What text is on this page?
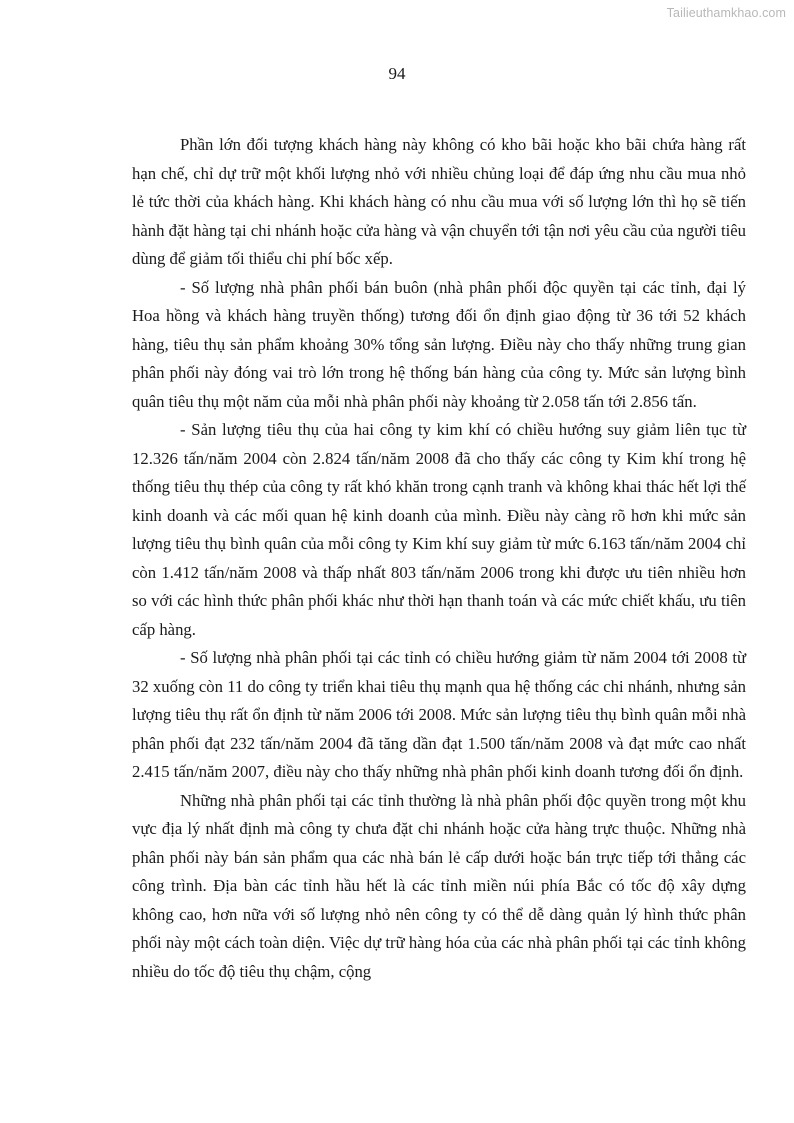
Tailieuthamkhao.com
94

Phần lớn đối tượng khách hàng này không có kho bãi hoặc kho bãi chứa hàng rất hạn chế, chỉ dự trữ một khối lượng nhỏ với nhiều chủng loại để đáp ứng nhu cầu mua nhỏ lẻ tức thời của khách hàng. Khi khách hàng có nhu cầu mua với số lượng lớn thì họ sẽ tiến hành đặt hàng tại chi nhánh hoặc cửa hàng và vận chuyển tới tận nơi yêu cầu của người tiêu dùng để giảm tối thiểu chi phí bốc xếp.

- Số lượng nhà phân phối bán buôn (nhà phân phối độc quyền tại các tỉnh, đại lý Hoa hồng và khách hàng truyền thống) tương đối ổn định giao động từ 36 tới 52 khách hàng, tiêu thụ sản phẩm khoảng 30% tổng sản lượng. Điều này cho thấy những trung gian phân phối này đóng vai trò lớn trong hệ thống bán hàng của công ty. Mức sản lượng bình quân tiêu thụ một năm của mỗi nhà phân phối này khoảng từ 2.058 tấn tới 2.856 tấn.

- Sản lượng tiêu thụ của hai công ty kim khí có chiều hướng suy giảm liên tục từ 12.326 tấn/năm 2004 còn 2.824 tấn/năm 2008 đã cho thấy các công ty Kim khí trong hệ thống tiêu thụ thép của công ty rất khó khăn trong cạnh tranh và không khai thác hết lợi thế kinh doanh và các mối quan hệ kinh doanh của mình. Điều này càng rõ hơn khi mức sản lượng tiêu thụ bình quân của mỗi công ty Kim khí suy giảm từ mức 6.163 tấn/năm 2004 chỉ còn 1.412 tấn/năm 2008 và thấp nhất 803 tấn/năm 2006 trong khi được ưu tiên nhiều hơn so với các hình thức phân phối khác như thời hạn thanh toán và các mức chiết khấu, ưu tiên cấp hàng.

- Số lượng nhà phân phối tại các tỉnh có chiều hướng giảm từ năm 2004 tới 2008 từ 32 xuống còn 11 do công ty triển khai tiêu thụ mạnh qua hệ thống các chi nhánh, nhưng sản lượng tiêu thụ rất ổn định từ năm 2006 tới 2008. Mức sản lượng tiêu thụ bình quân mỗi nhà phân phối đạt 232 tấn/năm 2004 đã tăng dần đạt 1.500 tấn/năm 2008 và đạt mức cao nhất 2.415 tấn/năm 2007, điều này cho thấy những nhà phân phối kinh doanh tương đối ổn định.

Những nhà phân phối tại các tỉnh thường là nhà phân phối độc quyền trong một khu vực địa lý nhất định mà công ty chưa đặt chi nhánh hoặc cửa hàng trực thuộc. Những nhà phân phối này bán sản phẩm qua các nhà bán lẻ cấp dưới hoặc bán trực tiếp tới thẳng các công trình. Địa bàn các tỉnh hầu hết là các tỉnh miền núi phía Bắc có tốc độ xây dựng không cao, hơn nữa với số lượng nhỏ nên công ty có thể dễ dàng quản lý hình thức phân phối này một cách toàn diện. Việc dự trữ hàng hóa của các nhà phân phối tại các tỉnh không nhiều do tốc độ tiêu thụ chậm, cộng
